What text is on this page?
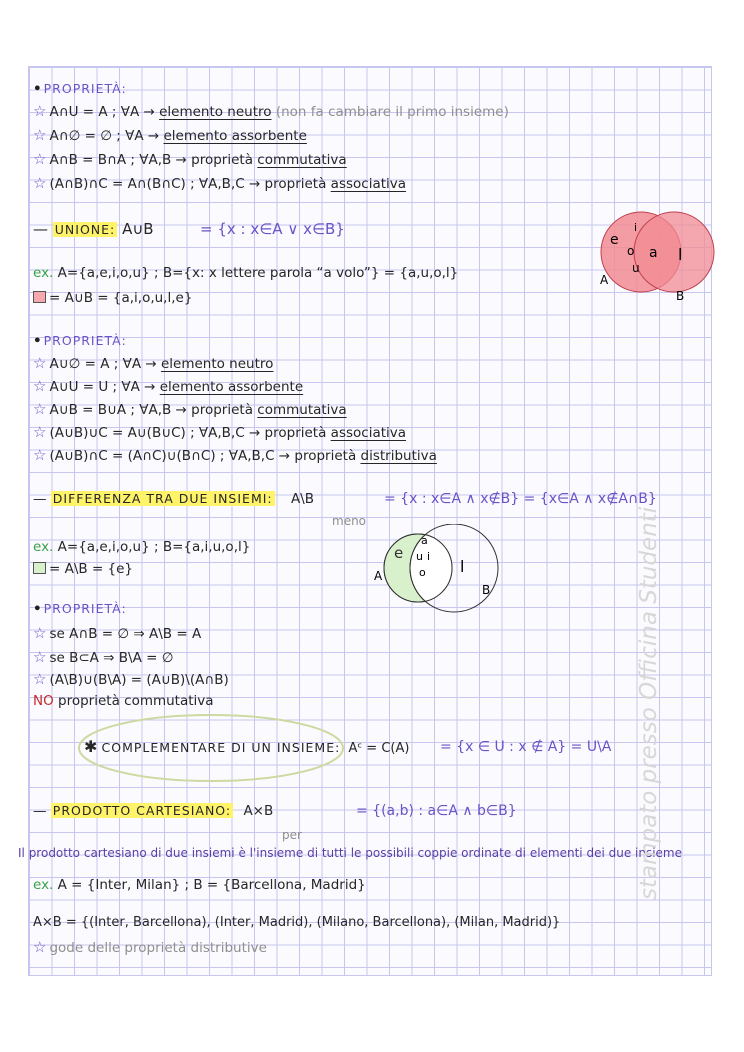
• PROPRIETÀ:
☆ A∩U = A ; ∀A → elemento neutro (non fa cambiare il primo insieme)
☆ A∩∅ = ∅ ; ∀A → elemento assorbente
☆ A∩B = B∩A ; ∀A,B → proprietà commutativa
☆ (A∩B)∩C = A∩(B∩C) ; ∀A,B,C → proprietà associativa
— UNIONE: A∪B	= {x : x∈A ∨ x∈B}
ex. A={a,e,i,o,u} ; B={x: x lettere parola “a volo”} = {a,u,o,l}
= A∪B = {a,i,o,u,l,e}
e
i
o
u
a l
A
B
• PROPRIETÀ:
☆ A∪∅ = A ; ∀A → elemento neutro
☆ A∪U = U ; ∀A → elemento assorbente
☆ A∪B = B∪A ; ∀A,B → proprietà commutativa
☆ (A∪B)∪C = A∪(B∪C) ; ∀A,B,C → proprietà associativa
☆ (A∪B)∩C = (A∩C)∪(B∩C) ; ∀A,B,C → proprietà distributiva
— DIFFERENZA TRA DUE INSIEMI: A\B	= {x : x∈A ∧ x∉B} = {x∈A ∧ x∉A∩B}
meno
ex. A={a,e,i,o,u} ; B={a,i,u,o,l}
= A\B = {e}
e
a
u i
o l
A
B
• PROPRIETÀ:
☆ se A∩B = ∅ ⇒ A\B = A
☆ se B⊂A ⇒ B\A = ∅
☆ (A\B)∪(B\A) = (A∪B)\(A∩B)
NO proprietà commutativa
✱ COMPLEMENTARE DI UN INSIEME: Aᶜ = C(A) = {x ∈ U : x ∉ A} = U\A
— PRODOTTO CARTESIANO: A×B	= {(a,b) : a∈A ∧ b∈B}
per
Il prodotto cartesiano di due insiemi è l'insieme di tutti le possibili coppie ordinate di elementi dei due insieme
ex. A = {Inter, Milan} ; B = {Barcellona, Madrid}
A×B = {(Inter, Barcellona), (Inter, Madrid), (Milano, Barcellona), (Milan, Madrid)}
☆ gode delle proprietà distributive
stampato presso Officina Studenti
